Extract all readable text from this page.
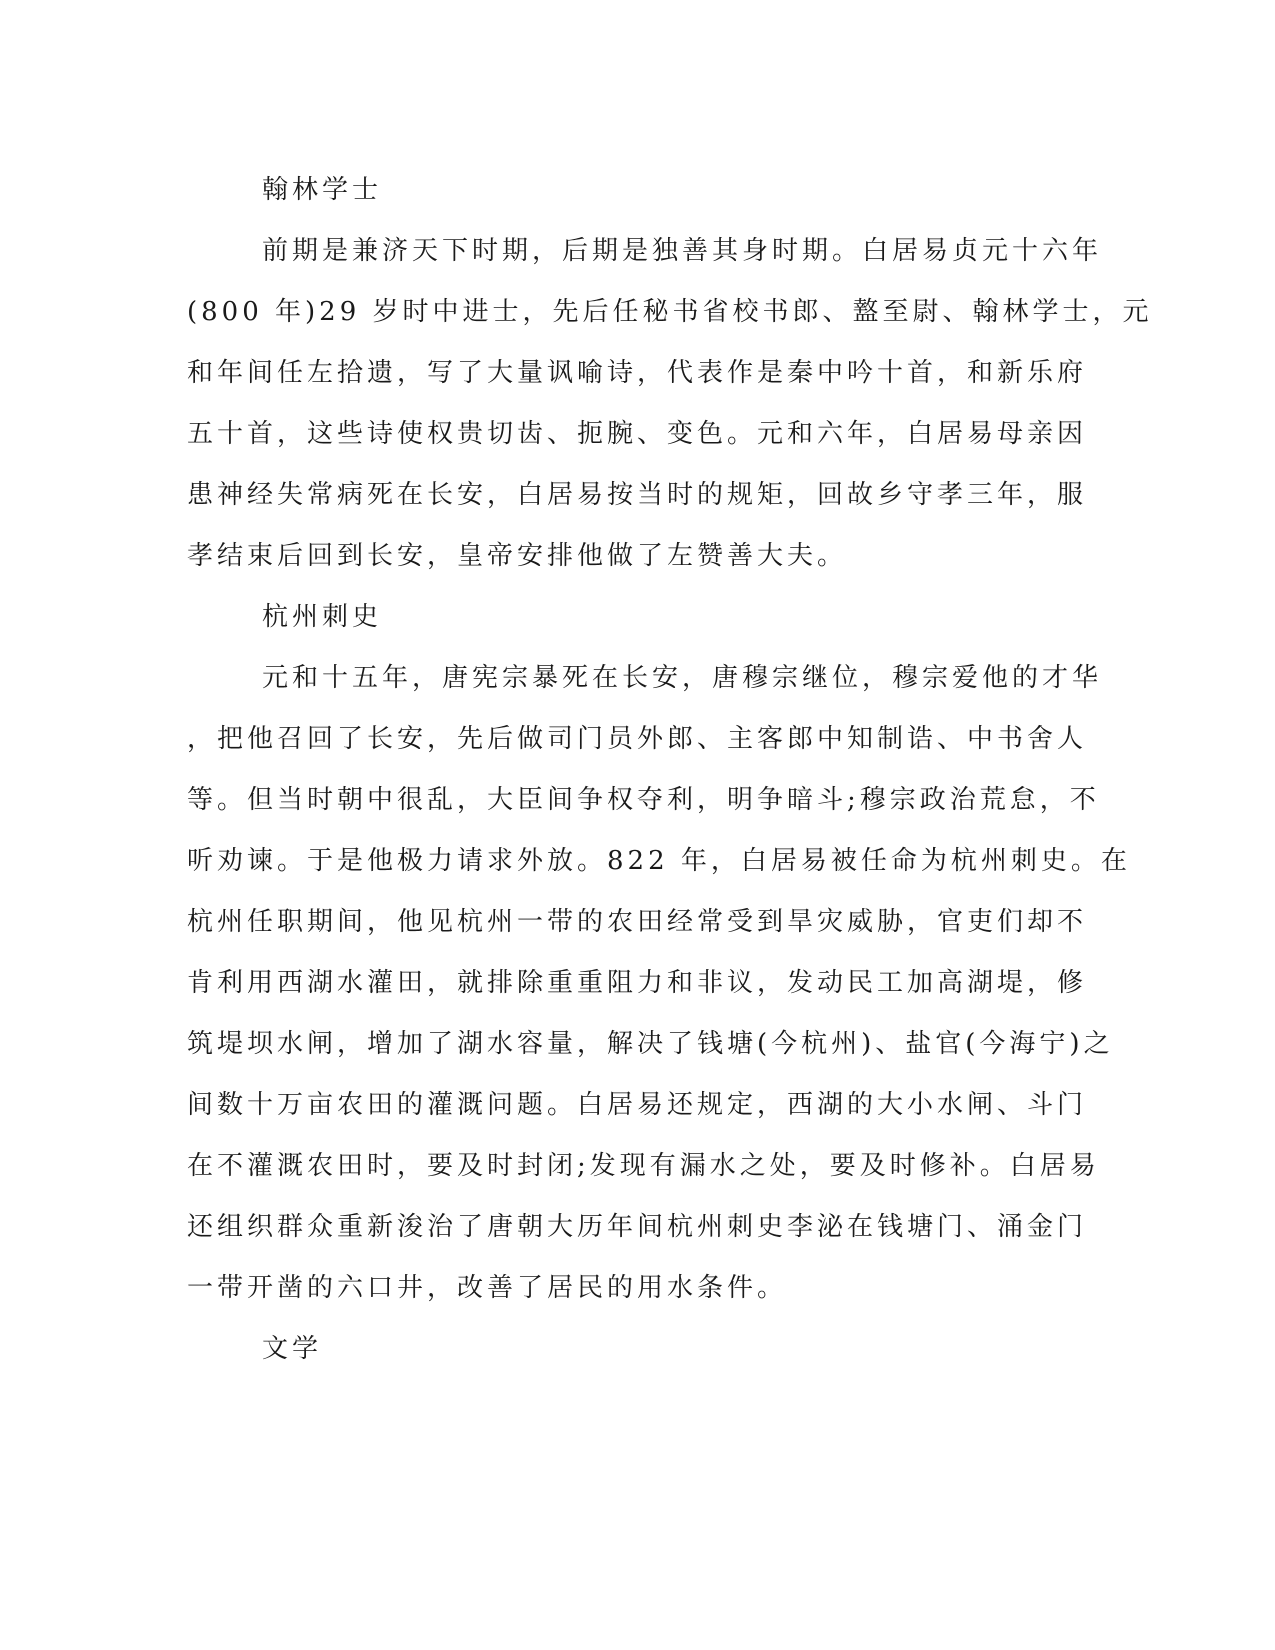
翰林学士

前期是兼济天下时期，后期是独善其身时期。白居易贞元十六年

(800 年)29 岁时中进士，先后任秘书省校书郎、盩至尉、翰林学士，元

和年间任左拾遗，写了大量讽喻诗，代表作是秦中吟十首，和新乐府

五十首，这些诗使权贵切齿、扼腕、变色。元和六年，白居易母亲因

患神经失常病死在长安，白居易按当时的规矩，回故乡守孝三年，服

孝结束后回到长安，皇帝安排他做了左赞善大夫。

杭州刺史

元和十五年，唐宪宗暴死在长安，唐穆宗继位，穆宗爱他的才华

，把他召回了长安，先后做司门员外郎、主客郎中知制诰、中书舍人

等。但当时朝中很乱，大臣间争权夺利，明争暗斗;穆宗政治荒怠，不

听劝谏。于是他极力请求外放。822 年，白居易被任命为杭州刺史。在

杭州任职期间，他见杭州一带的农田经常受到旱灾威胁，官吏们却不

肯利用西湖水灌田，就排除重重阻力和非议，发动民工加高湖堤，修

筑堤坝水闸，增加了湖水容量，解决了钱塘(今杭州)、盐官(今海宁)之

间数十万亩农田的灌溉问题。白居易还规定，西湖的大小水闸、斗门

在不灌溉农田时，要及时封闭;发现有漏水之处，要及时修补。白居易

还组织群众重新浚治了唐朝大历年间杭州刺史李泌在钱塘门、涌金门

一带开凿的六口井，改善了居民的用水条件。

文学
